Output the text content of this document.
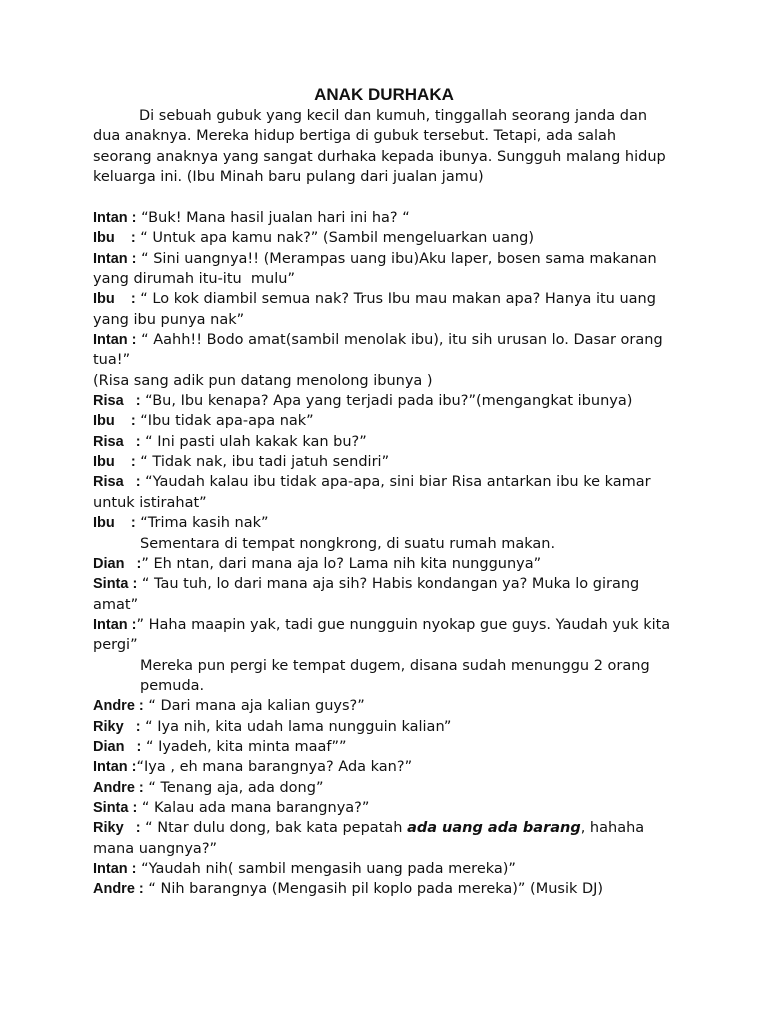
ANAK DURHAKA

Di sebuah gubuk yang kecil dan kumuh, tinggallah seorang janda dan dua anaknya. Mereka hidup bertiga di gubuk tersebut. Tetapi, ada salah seorang anaknya yang sangat durhaka kepada ibunya. Sungguh malang hidup keluarga ini. (Ibu Minah baru pulang dari jualan jamu)

Intan : “Buk! Mana hasil jualan hari ini ha? “

Ibu    : “ Untuk apa kamu nak?” (Sambil mengeluarkan uang)

Intan : “ Sini uangnya!! (Merampas uang ibu)Aku laper, bosen sama makanan yang dirumah itu-itu  mulu”

Ibu    : “ Lo kok diambil semua nak? Trus Ibu mau makan apa? Hanya itu uang yang ibu punya nak”

Intan : “ Aahh!! Bodo amat(sambil menolak ibu), itu sih urusan lo. Dasar orang tua!”

(Risa sang adik pun datang menolong ibunya )

Risa   : “Bu, Ibu kenapa? Apa yang terjadi pada ibu?”(mengangkat ibunya)

Ibu    : “Ibu tidak apa-apa nak”

Risa   : “ Ini pasti ulah kakak kan bu?”

Ibu    : “ Tidak nak, ibu tadi jatuh sendiri”

Risa   : “Yaudah kalau ibu tidak apa-apa, sini biar Risa antarkan ibu ke kamar untuk istirahat”

Ibu    : “Trima kasih nak”

Sementara di tempat nongkrong, di suatu rumah makan.

Dian   :” Eh ntan, dari mana aja lo? Lama nih kita nunggunya”

Sinta : “ Tau tuh, lo dari mana aja sih? Habis kondangan ya? Muka lo girang amat”

Intan :” Haha maapin yak, tadi gue nungguin nyokap gue guys. Yaudah yuk kita pergi”

Mereka pun pergi ke tempat dugem, disana sudah menunggu 2 orang pemuda.

Andre : “ Dari mana aja kalian guys?”

Riky   : “ Iya nih, kita udah lama nungguin kalian”

Dian   : “ Iyadeh, kita minta maaf””

Intan :“Iya , eh mana barangnya? Ada kan?”

Andre : “ Tenang aja, ada dong”

Sinta : “ Kalau ada mana barangnya?”

Riky   : “ Ntar dulu dong, bak kata pepatah ada uang ada barang, hahaha mana uangnya?”

Intan : “Yaudah nih( sambil mengasih uang pada mereka)”

Andre : “ Nih barangnya (Mengasih pil koplo pada mereka)” (Musik DJ)
